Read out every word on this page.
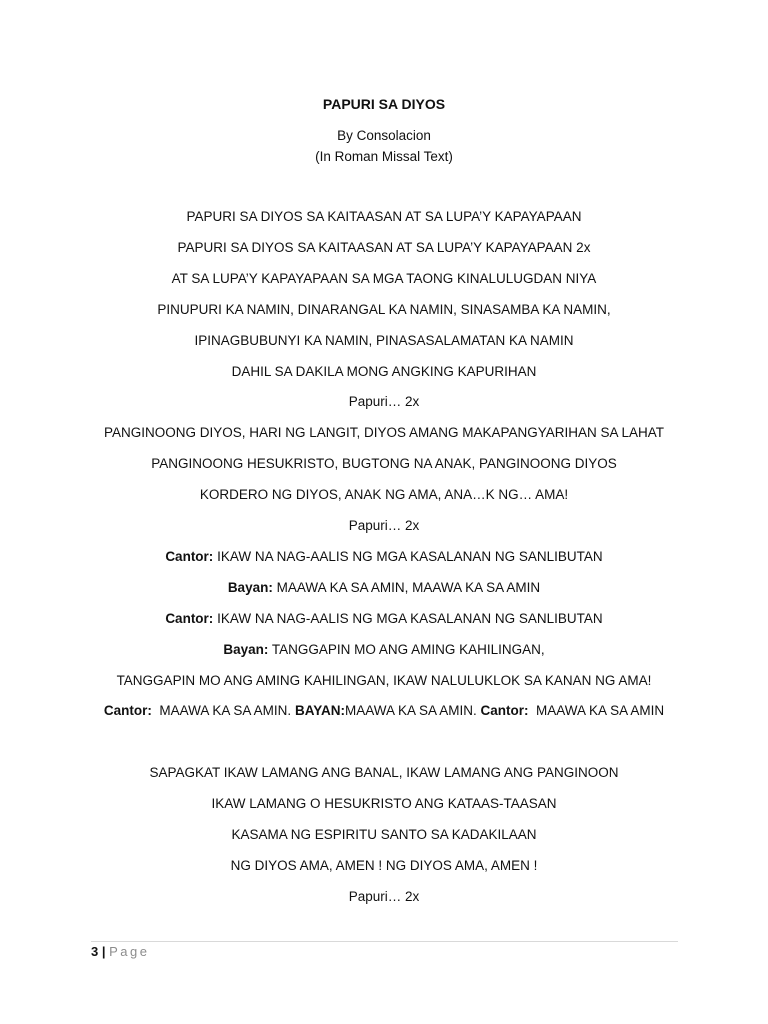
PAPURI SA DIYOS
By Consolacion
(In Roman Missal Text)
PAPURI SA DIYOS SA KAITAASAN AT SA LUPA’Y KAPAYAPAAN
PAPURI SA DIYOS SA KAITAASAN AT SA LUPA’Y KAPAYAPAAN 2x
AT SA LUPA’Y KAPAYAPAAN SA MGA TAONG KINALULUGDAN NIYA
PINUPURI KA NAMIN, DINARANGAL KA NAMIN, SINASAMBA KA NAMIN,
IPINAGBUBUNYI KA NAMIN, PINASASALAMATAN KA NAMIN
DAHIL SA DAKILA MONG ANGKING KAPURIHAN
Papuri… 2x
PANGINOONG DIYOS, HARI NG LANGIT, DIYOS AMANG MAKAPANGYARIHAN SA LAHAT
PANGINOONG HESUKRISTO, BUGTONG NA ANAK, PANGINOONG DIYOS
KORDERO NG DIYOS, ANAK NG AMA, ANA…K NG… AMA!
Papuri… 2x
Cantor: IKAW NA NAG-AALIS NG MGA KASALANAN NG SANLIBUTAN
Bayan: MAAWA KA SA AMIN, MAAWA KA SA AMIN
Cantor: IKAW NA NAG-AALIS NG MGA KASALANAN NG SANLIBUTAN
Bayan: TANGGAPIN MO ANG AMING KAHILINGAN,
TANGGAPIN MO ANG AMING KAHILINGAN, IKAW NALULUKLOK SA KANAN NG AMA!
Cantor:  MAAWA KA SA AMIN. BAYAN:MAAWA KA SA AMIN. Cantor:  MAAWA KA SA AMIN
SAPAGKAT IKAW LAMANG ANG BANAL, IKAW LAMANG ANG PANGINOON
IKAW LAMANG O HESUKRISTO ANG KATAAS-TAASAN
KASAMA NG ESPIRITU SANTO SA KADAKILAAN
NG DIYOS AMA, AMEN ! NG DIYOS AMA, AMEN !
Papuri… 2x
3 | Page
